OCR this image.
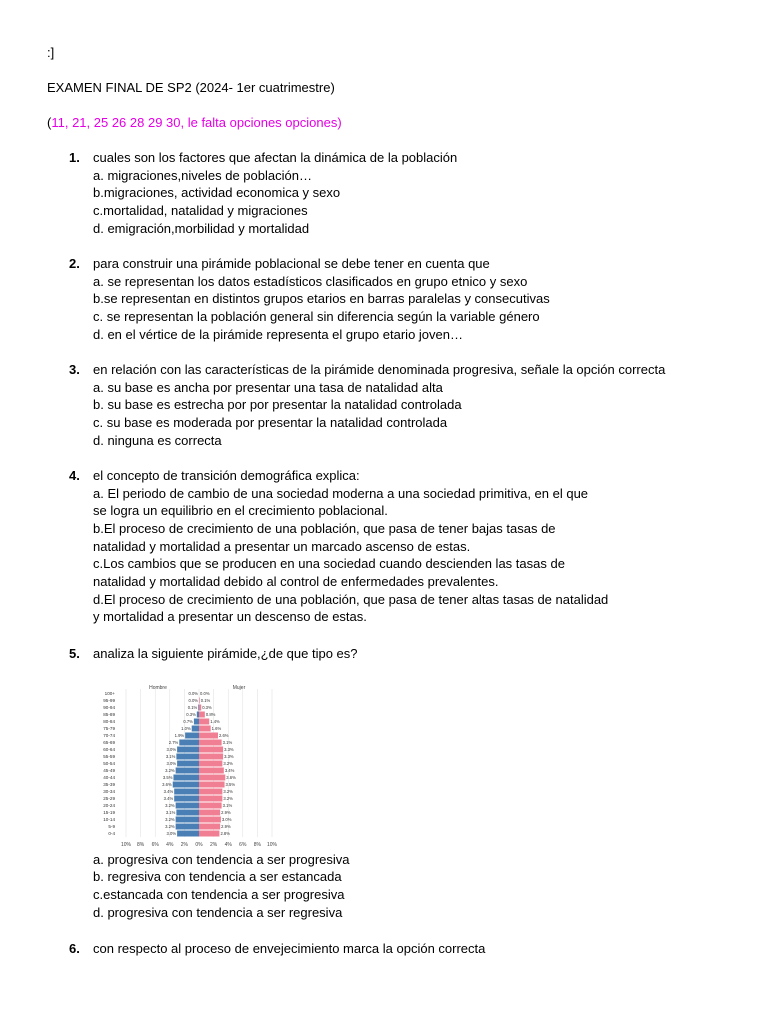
:]
EXAMEN FINAL DE SP2 (2024- 1er cuatrimestre)
(11, 21, 25 26 28 29 30, le falta opciones opciones)
1. cuales son los factores que afectan la dinámica de la población
a. migraciones,niveles de población…
b.migraciones, actividad economica y sexo
c.mortalidad, natalidad y migraciones
d. emigración,morbilidad y mortalidad
2. para construir una pirámide poblacional se debe tener en cuenta que
a. se representan los datos estadísticos clasificados en grupo etnico y sexo
b.se representan en distintos grupos etarios en barras paralelas y consecutivas
c. se representan la población general sin diferencia según la variable género
d. en el vértice de la pirámide representa el grupo etario joven…
3. en relación con las características de la pirámide denominada progresiva, señale la opción correcta
a. su base es ancha por presentar una tasa de natalidad alta
b. su base es estrecha por por presentar la natalidad controlada
c. su base es moderada por presentar la natalidad controlada
d. ninguna es correcta
4. el concepto de transición demográfica explica:
a. El periodo de cambio de una sociedad moderna a una sociedad primitiva, en el que
se logra un equilibrio en el crecimiento poblacional.
b.El proceso de crecimiento de una población, que pasa de tener bajas tasas de
natalidad y mortalidad a presentar un marcado ascenso de estas.
c.Los cambios que se producen en una sociedad cuando descienden las tasas de
natalidad y mortalidad debido al control de enfermedades prevalentes.
d.El proceso de crecimiento de una población, que pasa de tener altas tasas de natalidad
y mortalidad a presentar un descenso de estas.
5. analiza la siguiente pirámide,¿de que tipo es?
a. progresiva con tendencia a ser progresiva
b. regresiva con tendencia a ser estancada
c.estancada con tendencia a ser progresiva
d. progresiva con tendencia a ser regresiva
6. con respecto al proceso de envejecimiento marca la opción correcta
10% 8% 6% 4% 2% 0% 2% 4% 6% 8% 10%
Hombre	Mujer
100+	0.0% 0.0%
95-99	0.0% 0.1%
90-94	0.1% 0.3%
85-89	0.3% 0.8%
80-84	0.7%	1.4%
75-79	1.0%	1.6%
70-74	1.9%	2.6%
65-69	2.7%	3.1%
60-64	3.0%	3.3%
55-59	3.1%	3.3%
50-54	3.0%	3.2%
45-49	3.2%	3.4%
40-44	3.5%	3.6%
35-39	3.6%	3.5%
30-34	3.4%	3.2%
25-29	3.4%	3.2%
20-24	3.2%	3.1%
15-19	3.1%	2.9%
10-14	3.2%	3.0%
5-9	3.2%	2.9%
0-4	3.0%	2.8%
